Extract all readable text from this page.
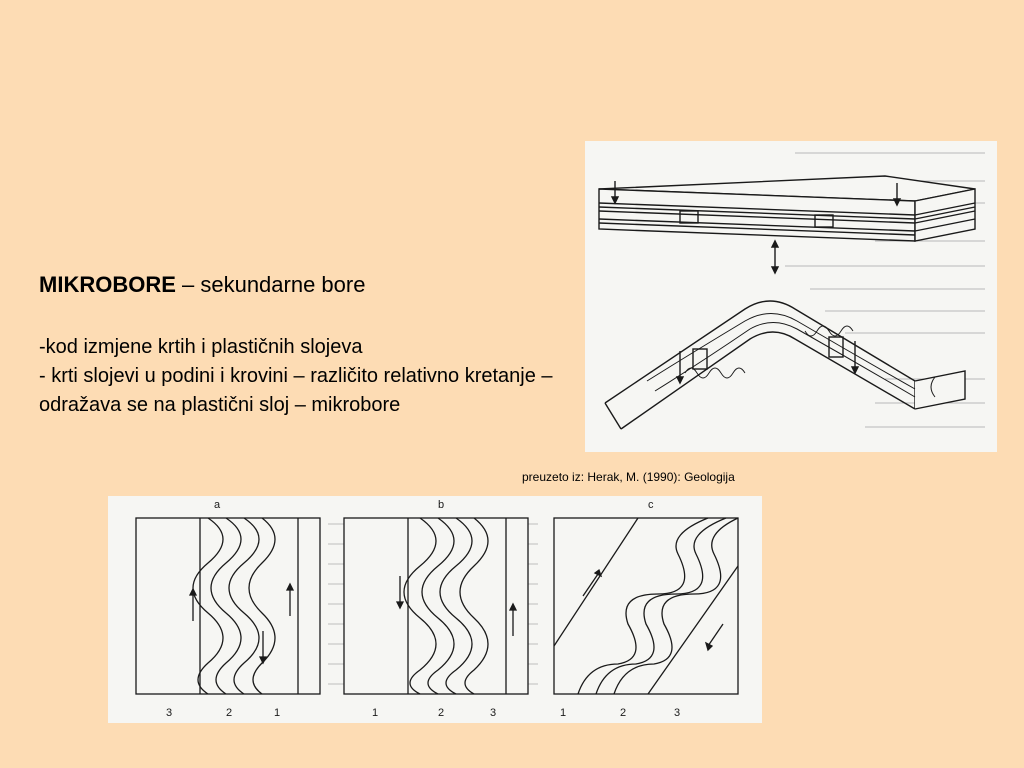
MIKROBORE – sekundarne bore

-kod izmjene krtih i plastičnih slojeva

- krti slojevi u podini i krovini – različito relativno kretanje – odražava se na plastični sloj – mikrobore

preuzeto iz: Herak, M. (1990): Geologija
a	b	c
3	2	1	1	2	3	1	2	3
